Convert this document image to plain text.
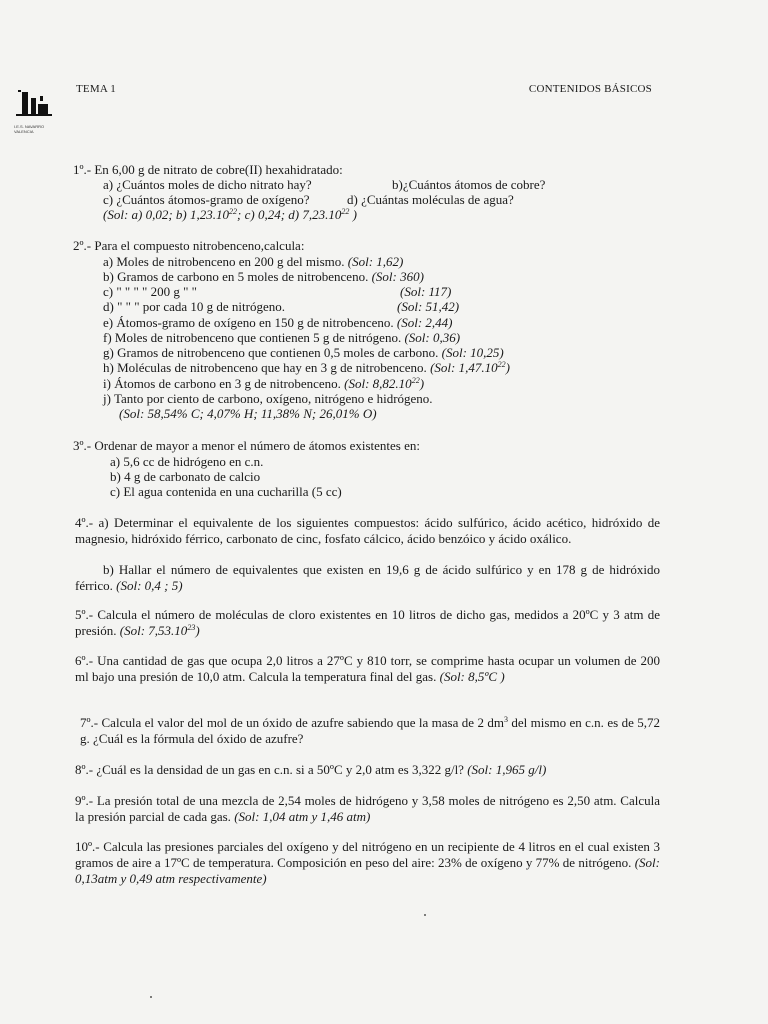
I.E.S. NAVARRO VALENCIA
TEMA 1	CONTENIDOS BÁSICOS
1º.- En 6,00 g de nitrato de cobre(II) hexahidratado:
a) ¿Cuántos moles de dicho nitrato hay?	b)¿Cuántos átomos de cobre?
c) ¿Cuántos átomos-gramo de oxígeno?	d) ¿Cuántas moléculas de agua?
(Sol: a) 0,02; b) 1,23.10$^{22}$; c) 0,24; d) 7,23.10$^{22}$ )
2º.- Para el compuesto nitrobenceno,calcula:
a) Moles de nitrobenceno en 200 g del mismo. (Sol: 1,62)
b) Gramos de carbono en 5 moles de nitrobenceno. (Sol: 360)
c) " " " " 200 g " "	(Sol: 117)
d) " " " por cada 10 g de nitrógeno.	(Sol: 51,42)
e) Átomos-gramo de oxígeno en 150 g de nitrobenceno. (Sol: 2,44)
f) Moles de nitrobenceno que contienen 5 g de nitrógeno. (Sol: 0,36)
g) Gramos de nitrobenceno que contienen 0,5 moles de carbono. (Sol: 10,25)
h) Moléculas de nitrobenceno que hay en 3 g de nitrobenceno. (Sol: 1,47.10$^{22}$)
i) Átomos de carbono en 3 g de nitrobenceno. (Sol: 8,82.10$^{22}$)
j) Tanto por ciento de carbono, oxígeno, nitrógeno e hidrógeno.
(Sol: 58,54% C; 4,07% H; 11,38% N; 26,01% O)
3º.- Ordenar de mayor a menor el número de átomos existentes en:
a) 5,6 cc de hidrógeno en c.n.
b) 4 g de carbonato de calcio
c) El agua contenida en una cucharilla (5 cc)
4º.- a) Determinar el equivalente de los siguientes compuestos: ácido sulfúrico, ácido acético, hidróxido de magnesio, hidróxido férrico, carbonato de cinc, fosfato cálcico, ácido benzóico y ácido oxálico.
b) Hallar el número de equivalentes que existen en 19,6 g de ácido sulfúrico y en 178 g de hidróxido férrico. (Sol: 0,4 ; 5)
5º.- Calcula el número de moléculas de cloro existentes en 10 litros de dicho gas, medidos a 20ºC y 3 atm de presión. (Sol: 7,53.10$^{23}$)
6º.- Una cantidad de gas que ocupa 2,0 litros a 27ºC y 810 torr, se comprime hasta ocupar un volumen de 200 ml bajo una presión de 10,0 atm. Calcula la temperatura final del gas. (Sol: 8,5ºC )
7º.- Calcula el valor del mol de un óxido de azufre sabiendo que la masa de 2 $dm^3$ del mismo en c.n. es de 5,72 g. ¿Cuál es la fórmula del óxido de azufre?
8º.- ¿Cuál es la densidad de un gas en c.n. si a 50ºC y 2,0 atm es 3,322 g/l? (Sol: 1,965 g/l)
9º.- La presión total de una mezcla de 2,54 moles de hidrógeno y 3,58 moles de nitrógeno es 2,50 atm. Calcula la presión parcial de cada gas. (Sol: 1,04 atm y 1,46 atm)
10º.- Calcula las presiones parciales del oxígeno y del nitrógeno en un recipiente de 4 litros en el cual existen 3 gramos de aire a 17ºC de temperatura. Composición en peso del aire: 23% de oxígeno y 77% de nitrógeno. (Sol: 0,13atm y 0,49 atm respectivamente)
